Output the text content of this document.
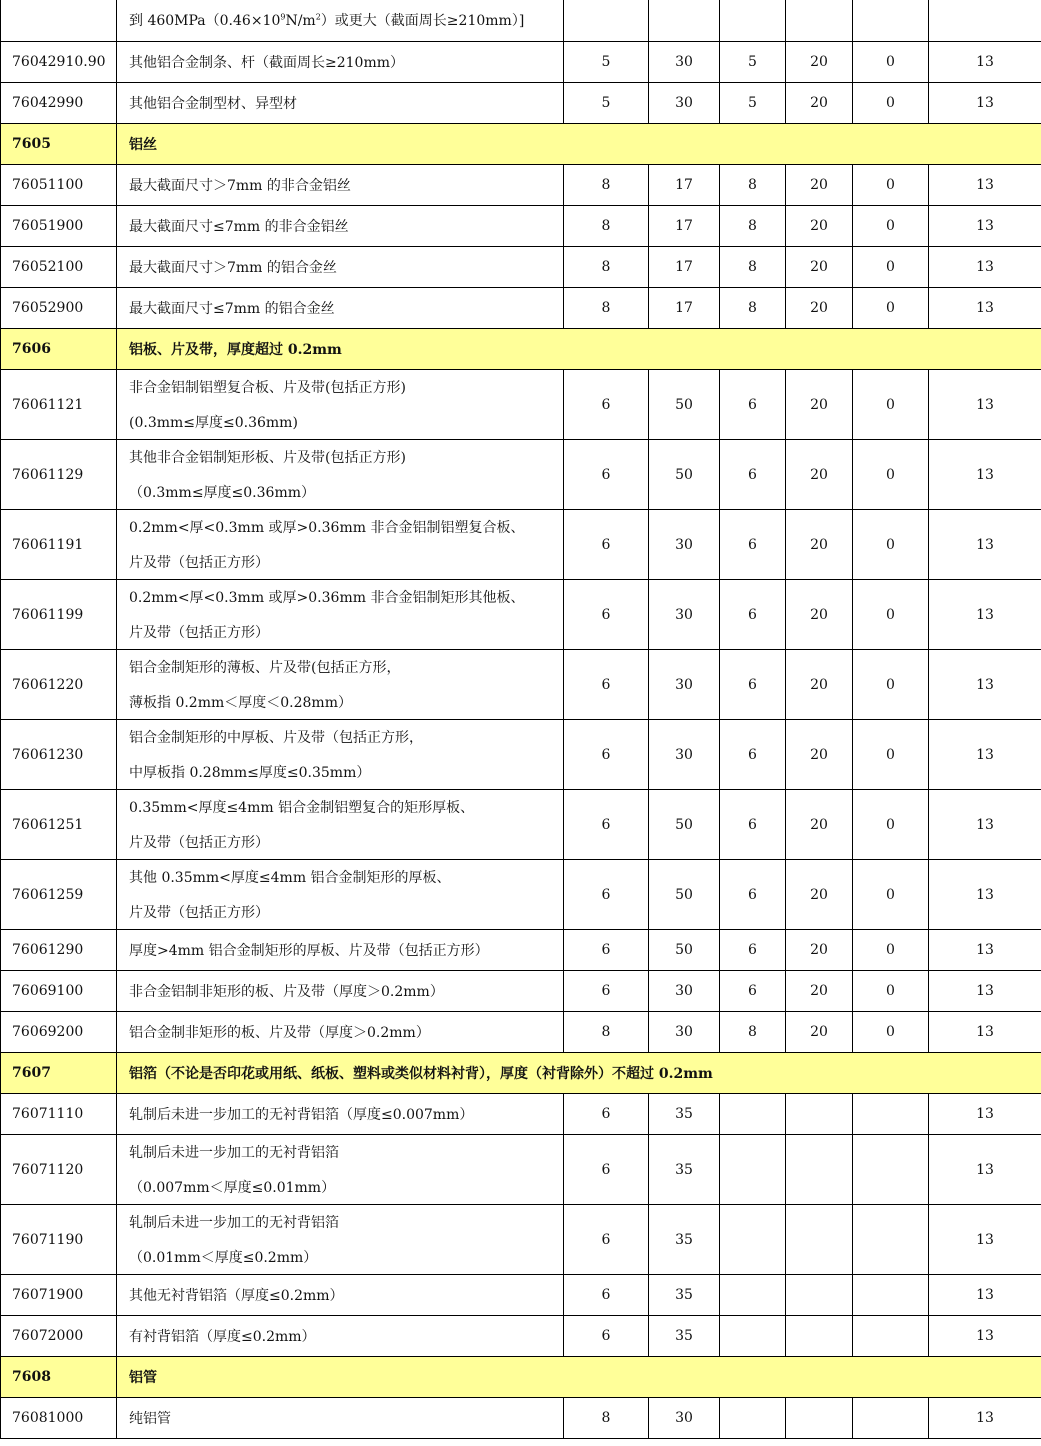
	到 $460MPa(0.46\times 10^9N/m^2)$或更大（截面周长≥210mm）]						
76042910.90	其他铝合金制条、杆（截面周长≥210mm）	5	30	5	20	0	13
76042990	其他铝合金制型材、异型材	5	30	5	20	0	13
7605	铝丝						

76051100	最大截面尺寸＞7mm 的非合金铝丝	8	17	8	20	0	13
76051900	最大截面尺寸≤7mm 的非合金铝丝	8	17	8	20	0	13
76052100	最大截面尺寸＞7mm 的铝合金丝	8	17	8	20	0	13
76052900	最大截面尺寸≤7mm 的铝合金丝	8	17	8	20	0	13
7606	铝板、片及带，厚度超过 0.2mm						

76061121	非合金铝制铝塑复合板、片及带(包括正方形)
(0.3mm≤厚度≤0.36mm)	6	50	6	20	0	13
76061129	其他非合金铝制矩形板、片及带(包括正方形)
（0.3mm≤厚度≤0.36mm）	6	50	6	20	0	13
76061191	0.2mm<厚<0.3mm 或厚>0.36mm 非合金铝制铝塑复合板、
片及带（包括正方形）	6	30	6	20	0	13
76061199	0.2mm<厚<0.3mm 或厚>0.36mm 非合金铝制矩形其他板、
片及带（包括正方形）	6	30	6	20	0	13
76061220	铝合金制矩形的薄板、片及带(包括正方形，
薄板指 0.2mm＜厚度＜0.28mm）	6	30	6	20	0	13
76061230	铝合金制矩形的中厚板、片及带（包括正方形，
中厚板指 0.28mm≤厚度≤0.35mm）	6	30	6	20	0	13
76061251	0.35mm<厚度≤4mm 铝合金制铝塑复合的矩形厚板、
片及带（包括正方形）	6	50	6	20	0	13
76061259	其他 0.35mm<厚度≤4mm 铝合金制矩形的厚板、
片及带（包括正方形）	6	50	6	20	0	13
76061290	厚度>4mm 铝合金制矩形的厚板、片及带（包括正方形）	6	50	6	20	0	13
76069100	非合金铝制非矩形的板、片及带（厚度＞0.2mm）	6	30	6	20	0	13
76069200	铝合金制非矩形的板、片及带（厚度＞0.2mm）	8	30	8	20	0	13
7607	铝箔（不论是否印花或用纸、纸板、塑料或类似材料衬背），厚度（衬背除外）不超过 0.2mm						

76071110	轧制后未进一步加工的无衬背铝箔（厚度≤0.007mm）	6	35				13
76071120	轧制后未进一步加工的无衬背铝箔
（0.007mm＜厚度≤0.01mm）	6	35				13
76071190	轧制后未进一步加工的无衬背铝箔
（0.01mm＜厚度≤0.2mm）	6	35				13
76071900	其他无衬背铝箔（厚度≤0.2mm）	6	35				13
76072000	有衬背铝箔（厚度≤0.2mm）	6	35				13
7608	铝管						

76081000	纯铝管	8	30				13
